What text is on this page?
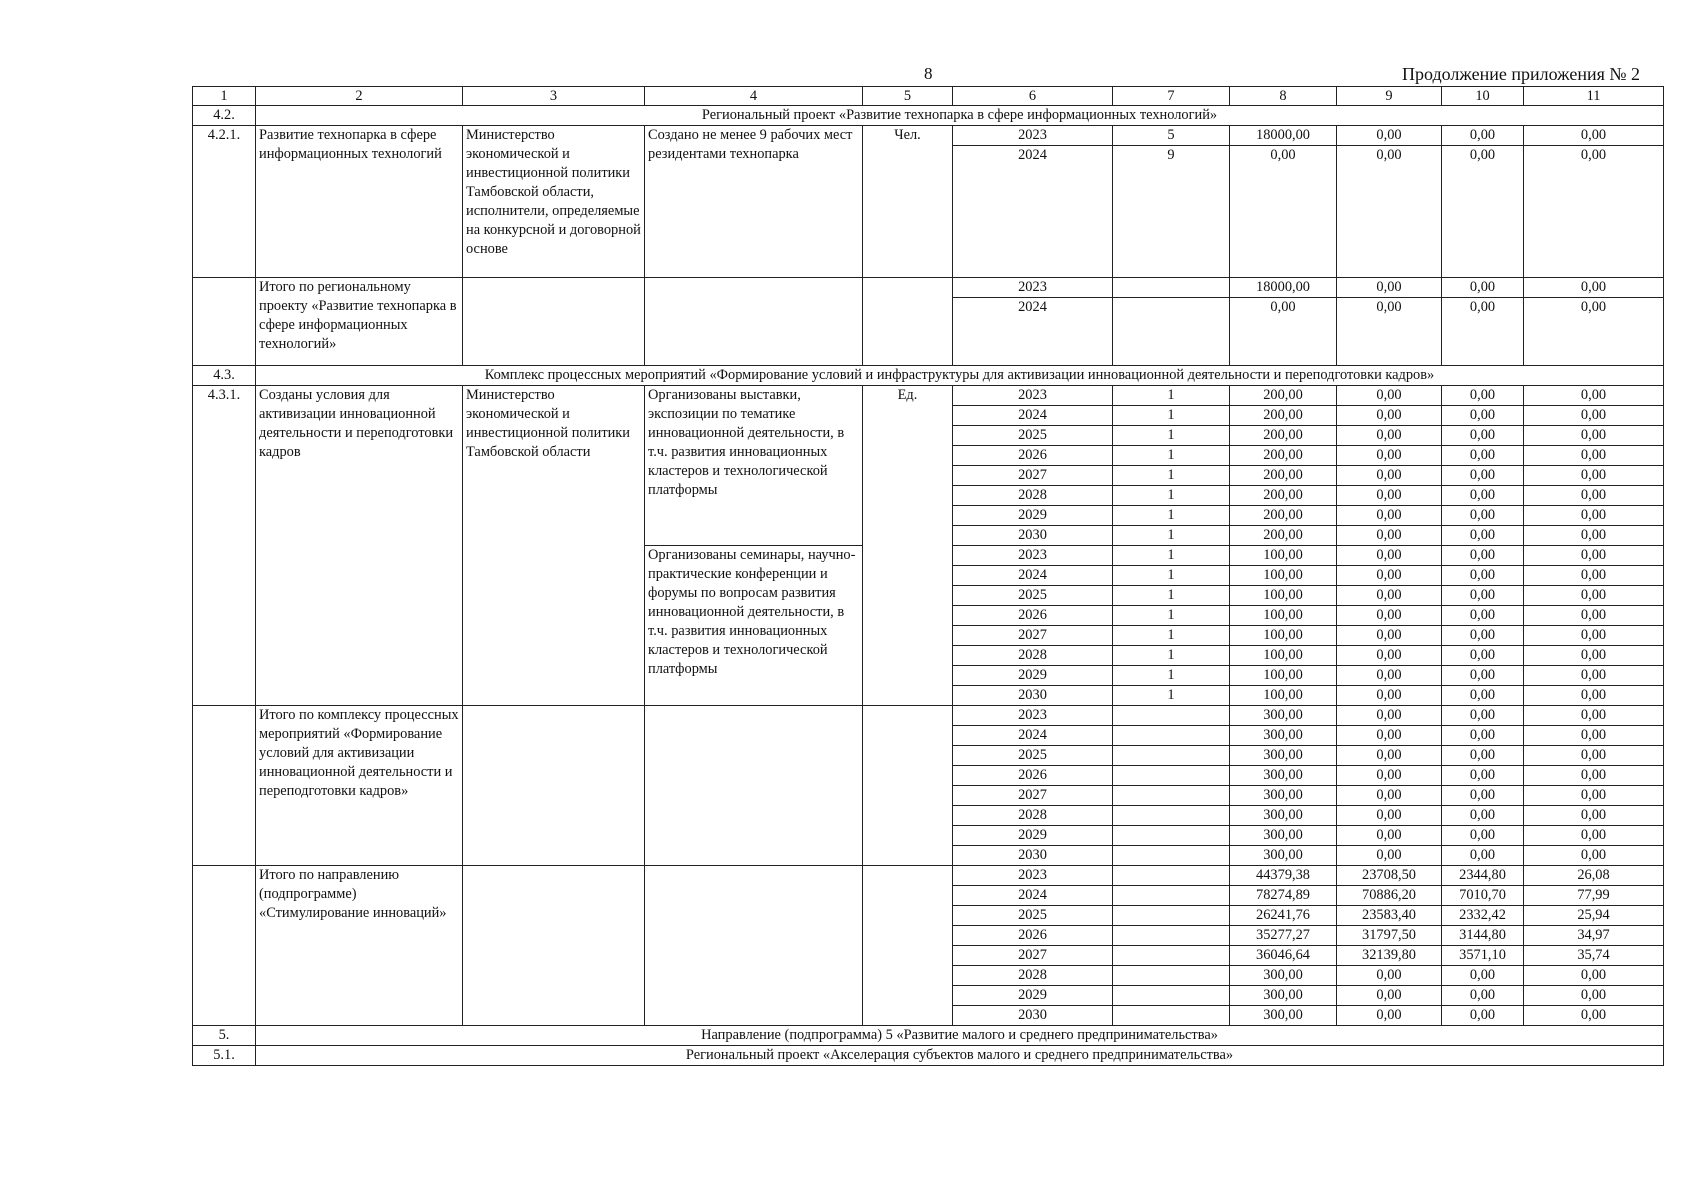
8	Продолжение приложения № 2
1	2	3	4	5	6	7	8	9	10	11	
4.2.	Региональный проект «Развитие технопарка в сфере информационных технологий»										
4.2.1.	Развитие технопарка в сфере информационных технологий	Министерство экономической и инвестиционной политики Тамбовской области, исполнители, определяемые на конкурсной и договорной основе	Создано не менее 9 рабочих мест резидентами технопарка	Чел.	2023	5	18000,00	0,00	0,00	0,00	
					2024	9	0,00	0,00	0,00	0,00	
	Итого по региональному проекту «Развитие технопарка в сфере информационных технологий»				2023		18000,00	0,00	0,00	0,00	
					2024		0,00	0,00	0,00	0,00	
4.3.	Комплекс процессных мероприятий «Формирование условий и инфраструктуры для активизации инновационной деятельности и переподготовки кадров»										
4.3.1.	Созданы условия для активизации инновационной деятельности и переподготовки кадров	Министерство экономической и инвестиционной политики Тамбовской области	Организованы выставки, экспозиции по тематике инновационной деятельности, в т.ч. развития инновационных кластеров и технологической платформы	Ед.	2023	1	200,00	0,00	0,00	0,00	
					2024	1	200,00	0,00	0,00	0,00	
					2025	1	200,00	0,00	0,00	0,00	
					2026	1	200,00	0,00	0,00	0,00	
					2027	1	200,00	0,00	0,00	0,00	
					2028	1	200,00	0,00	0,00	0,00	
					2029	1	200,00	0,00	0,00	0,00	
					2030	1	200,00	0,00	0,00	0,00	
			Организованы семинары, научно-практические конференции и форумы по вопросам развития инновационной деятельности, в т.ч. развития инновационных кластеров и технологической платформы		2023	1	100,00	0,00	0,00	0,00	
					2024	1	100,00	0,00	0,00	0,00	
					2025	1	100,00	0,00	0,00	0,00	
					2026	1	100,00	0,00	0,00	0,00	
					2027	1	100,00	0,00	0,00	0,00	
					2028	1	100,00	0,00	0,00	0,00	
					2029	1	100,00	0,00	0,00	0,00	
					2030	1	100,00	0,00	0,00	0,00	
	Итого по комплексу процессных мероприятий «Формирование условий для активизации инновационной деятельности и переподготовки кадров»				2023		300,00	0,00	0,00	0,00	
					2024		300,00	0,00	0,00	0,00	
					2025		300,00	0,00	0,00	0,00	
					2026		300,00	0,00	0,00	0,00	
					2027		300,00	0,00	0,00	0,00	
					2028		300,00	0,00	0,00	0,00	
					2029		300,00	0,00	0,00	0,00	
					2030		300,00	0,00	0,00	0,00	
	Итого по направлению (подпрограмме) «Стимулирование инноваций»				2023		44379,38	23708,50	2344,80	26,08	
					2024		78274,89	70886,20	7010,70	77,99	
					2025		26241,76	23583,40	2332,42	25,94	
					2026		35277,27	31797,50	3144,80	34,97	
					2027		36046,64	32139,80	3571,10	35,74	
					2028		300,00	0,00	0,00	0,00	
					2029		300,00	0,00	0,00	0,00	
					2030		300,00	0,00	0,00	0,00	
5.	Направление (подпрограмма) 5 «Развитие малого и среднего предпринимательства»										
5.1.	Региональный проект «Акселерация субъектов малого и среднего предпринимательства»										
